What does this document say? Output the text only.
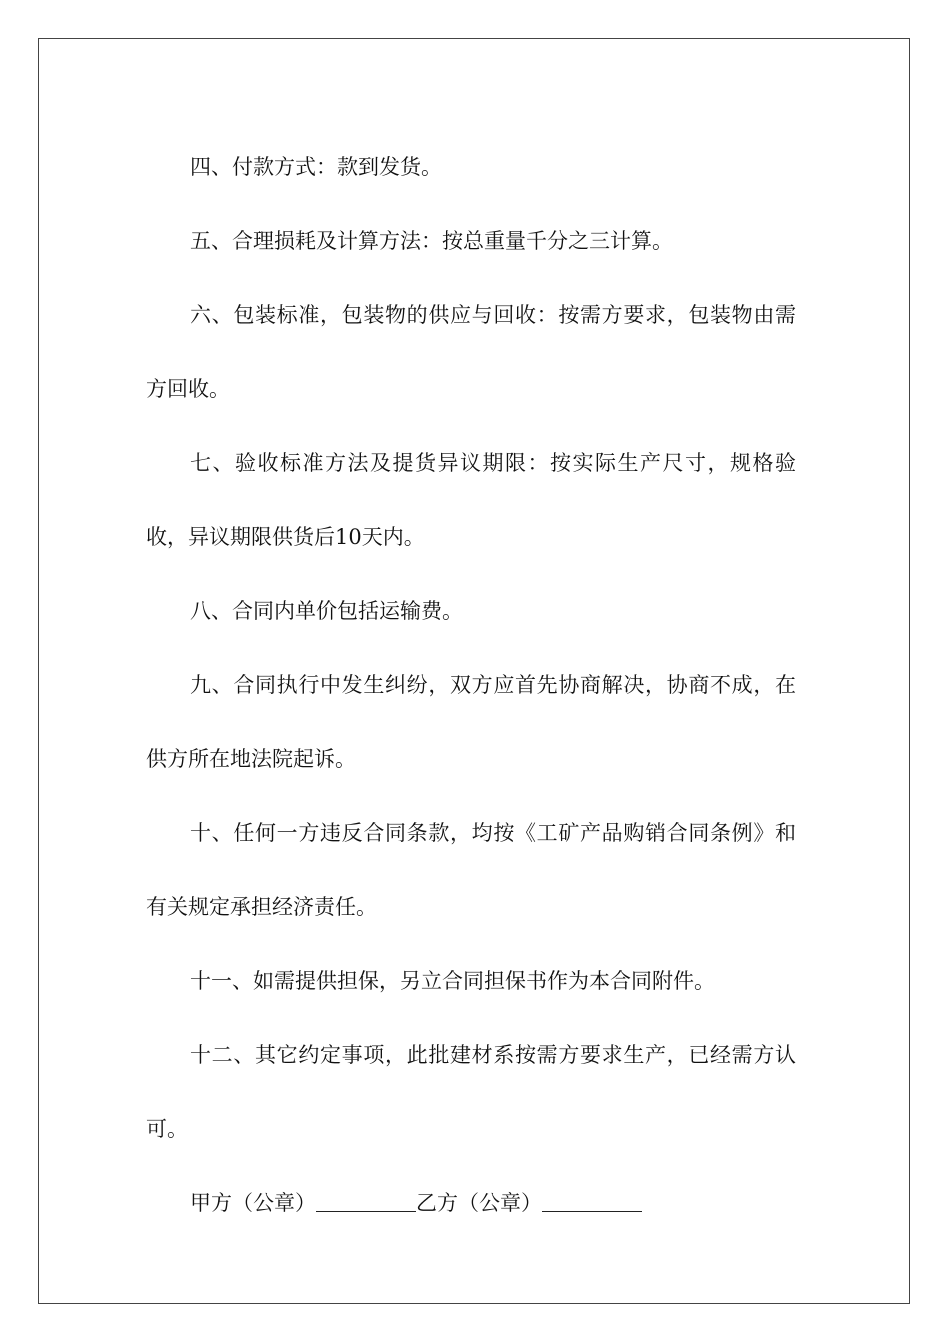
四、付款方式：款到发货。

五、合理损耗及计算方法：按总重量千分之三计算。

六、包装标准，包装物的供应与回收：按需方要求，包装物由需方回收。

七、验收标准方法及提货异议期限：按实际生产尺寸，规格验收，异议期限供货后10天内。

八、合同内单价包括运输费。

九、合同执行中发生纠纷，双方应首先协商解决，协商不成，在供方所在地法院起诉。

十、任何一方违反合同条款，均按《工矿产品购销合同条例》和有关规定承担经济责任。

十一、如需提供担保，另立合同担保书作为本合同附件。

十二、其它约定事项，此批建材系按需方要求生产，已经需方认可。

甲方（公章）	乙方（公章）
